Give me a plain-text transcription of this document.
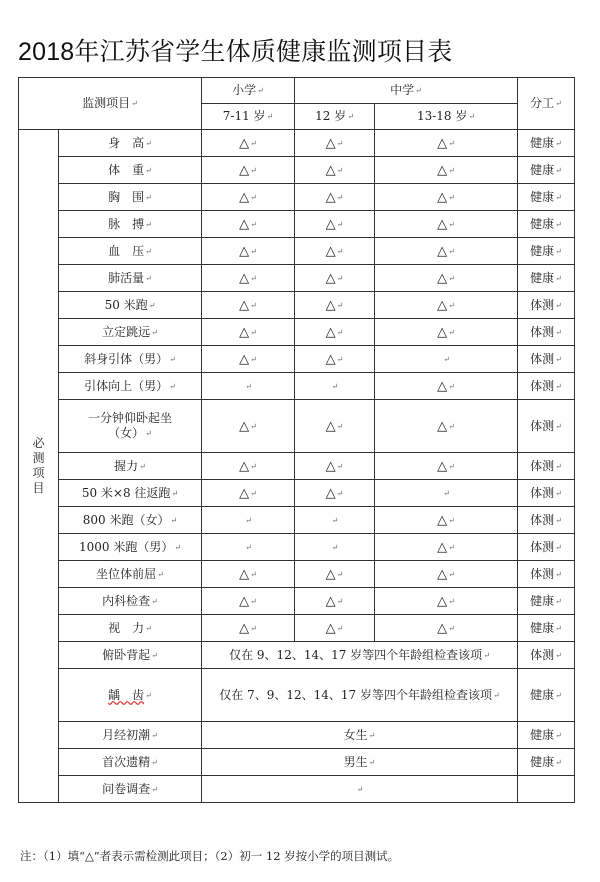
2018年江苏省学生体质健康监测项目表
监测项目↵		小学↵	中学↵		分工↵
		7-11 岁↵	12 岁↵	13-18 岁↵	

必
测
项
目	身　高↵	△↵	△↵	△↵	健康↵
	体　重↵	△↵	△↵	△↵	健康↵
	胸　围↵	△↵	△↵	△↵	健康↵
	脉　搏↵	△↵	△↵	△↵	健康↵
	血　压↵	△↵	△↵	△↵	健康↵
	肺活量↵	△↵	△↵	△↵	健康↵
	50 米跑↵	△↵	△↵	△↵	体测↵
	立定跳远↵	△↵	△↵	△↵	体测↵
	斜身引体（男）↵	△↵	△↵	↵	体测↵
	引体向上（男）↵	↵	↵	△↵	体测↵
	一分钟仰卧起坐
（女）↵	△↵	△↵	△↵	体测↵
	握力↵	△↵	△↵	△↵	体测↵
	50 米×8 往返跑↵	△↵	△↵	↵	体测↵
	800 米跑（女）↵	↵	↵	△↵	体测↵
	1000 米跑（男）↵	↵	↵	△↵	体测↵
	坐位体前屈↵	△↵	△↵	△↵	体测↵
	内科检查↵	△↵	△↵	△↵	健康↵
	视　力↵	△↵	△↵	△↵	健康↵
	俯卧背起↵	仅在 9、12、14、17 岁等四个年龄组检查该项↵			体测↵
	龋　齿↵	仅在 7、9、12、14、17 岁等四个年龄组检查该项↵			健康↵
	月经初潮↵	女生↵			健康↵
	首次遗精↵	男生↵			健康↵
	问卷调查↵	↵			
注：（1）填“△”者表示需检测此项目；（2）初一 12 岁按小学的项目测试。
